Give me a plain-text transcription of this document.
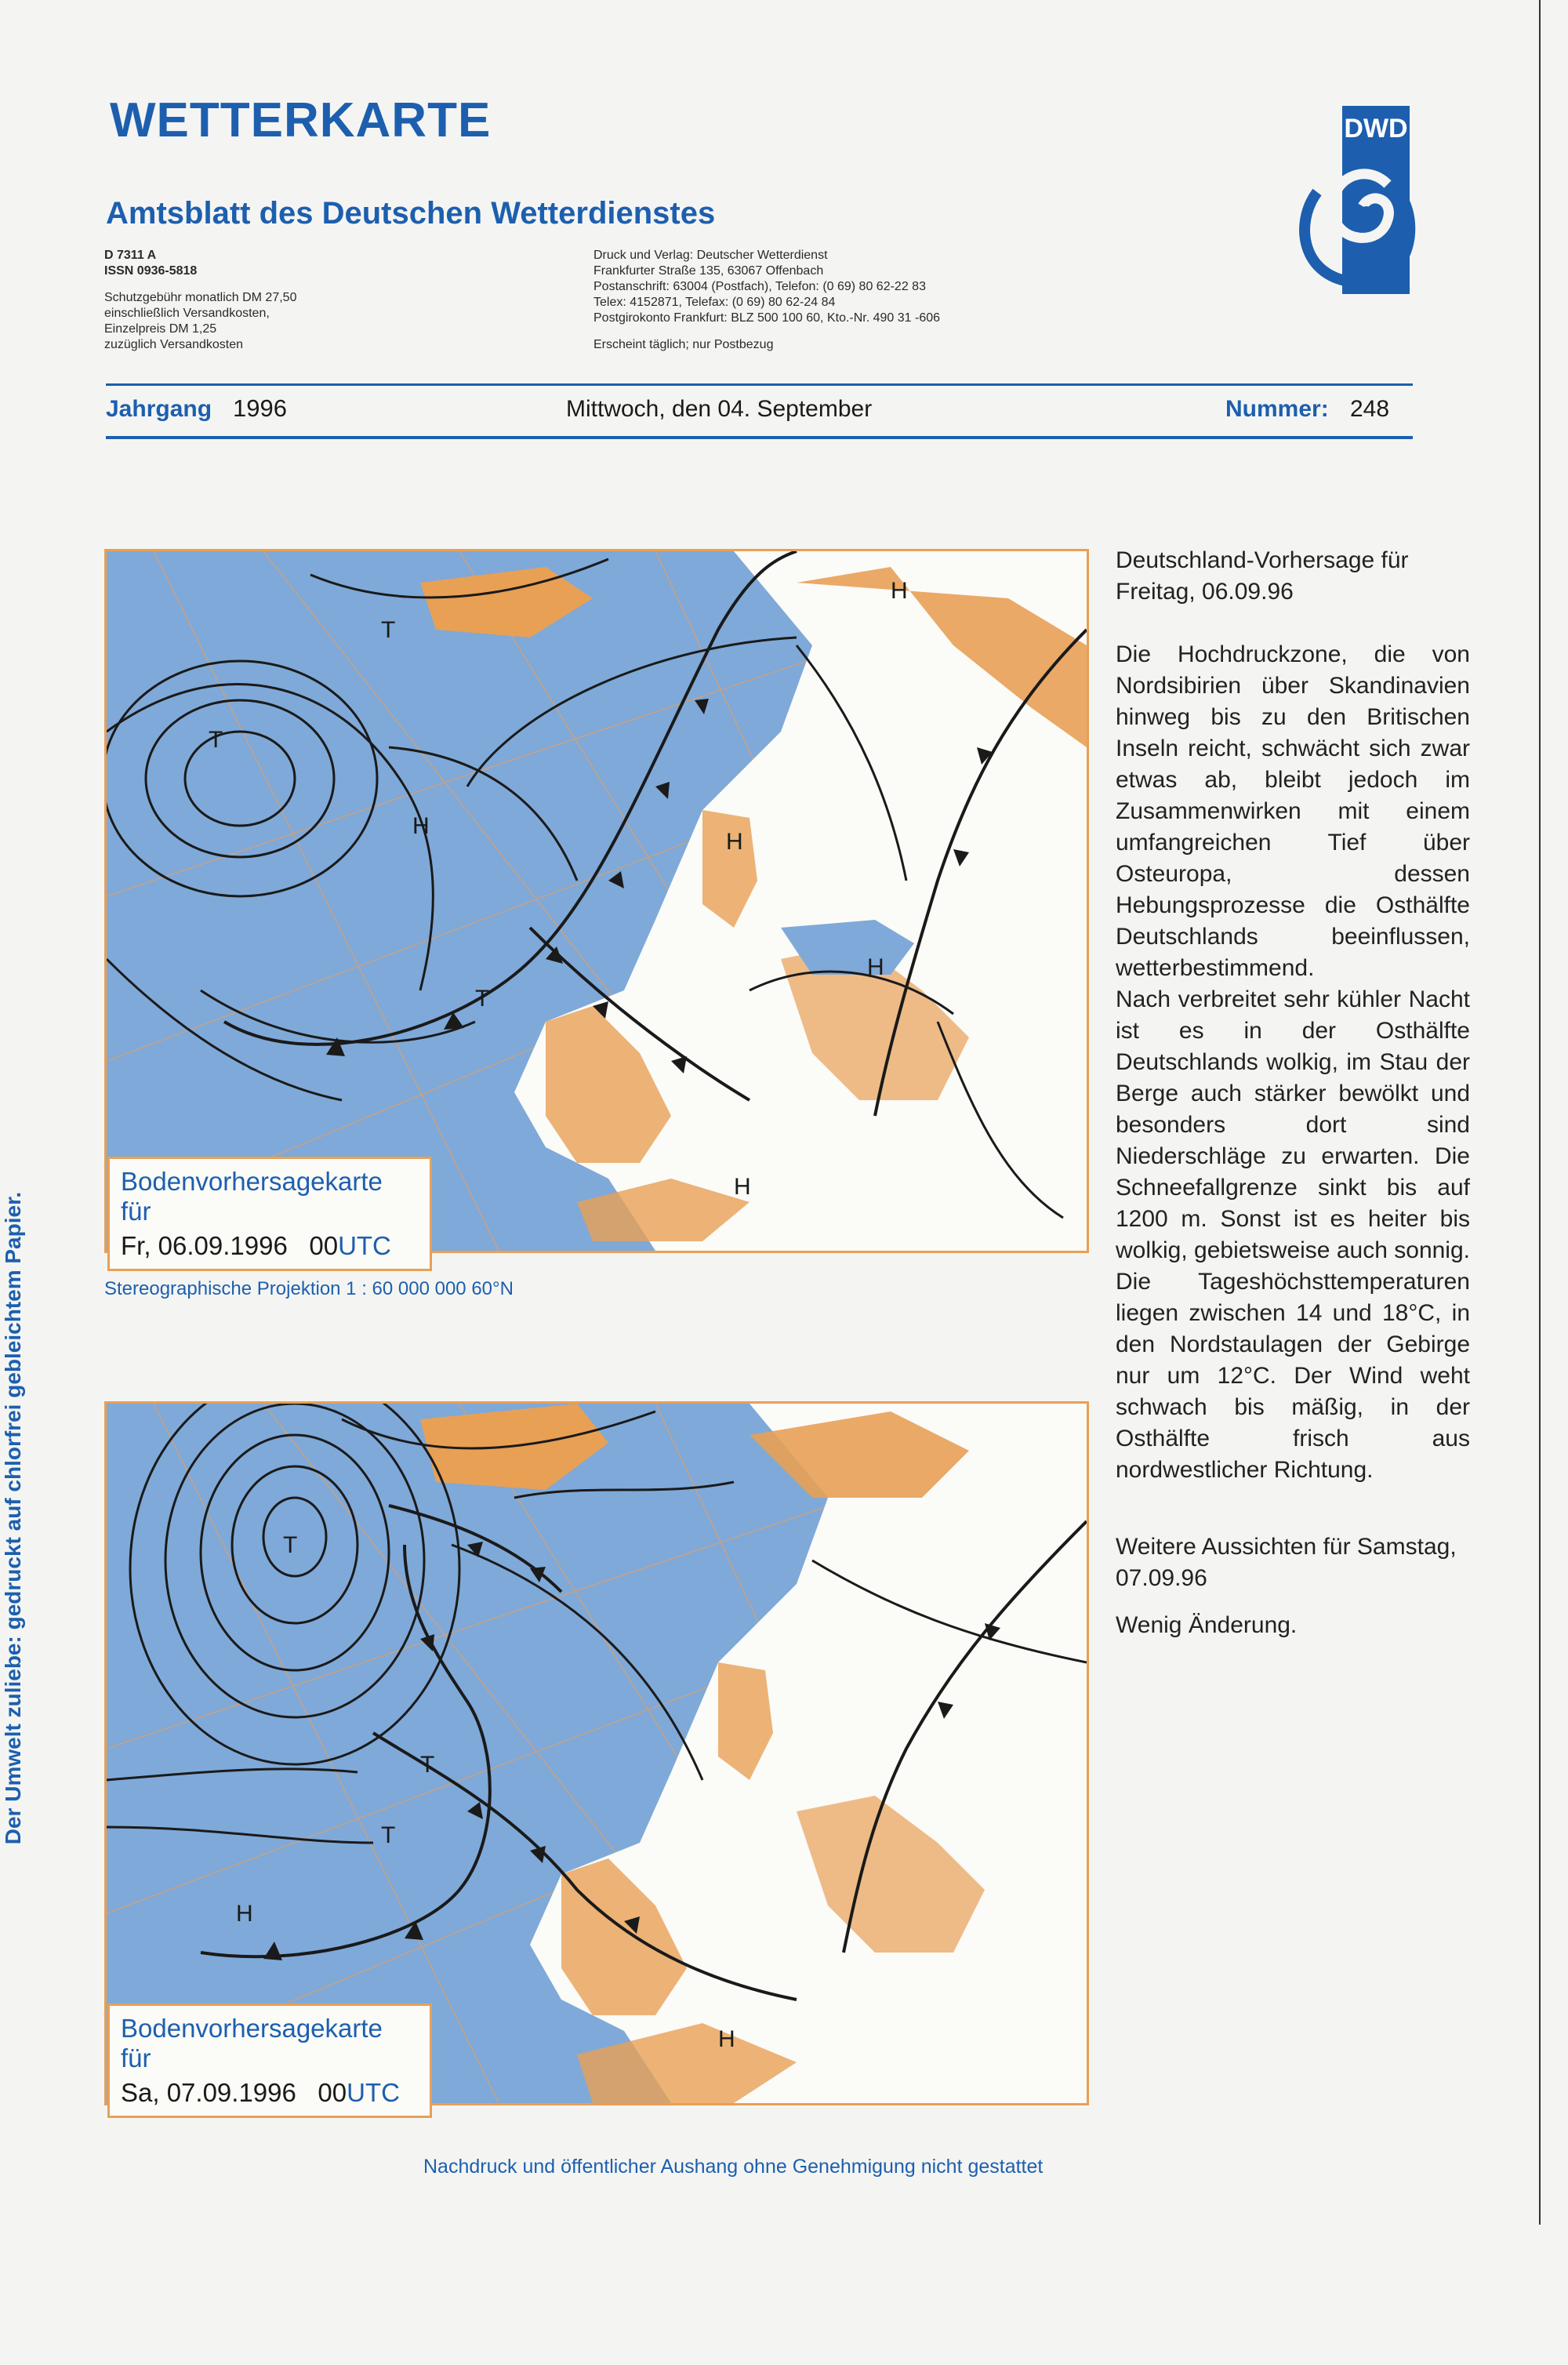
WETTERKARTE
Amtsblatt des Deutschen Wetterdienstes
DWD
D 7311 A
ISSN 0936-5818
Schutzgebühr monatlich DM 27,50
einschließlich Versandkosten,
Einzelpreis DM 1,25
zuzüglich Versandkosten
Druck und Verlag: Deutscher Wetterdienst
Frankfurter Straße 135, 63067 Offenbach
Postanschrift: 63004 (Postfach), Telefon: (0 69) 80 62-22 83
Telex: 4152871, Telefax: (0 69) 80 62-24 84
Postgirokonto Frankfurt: BLZ 500 100 60, Kto.-Nr. 490 31 -606
Erscheint täglich; nur Postbezug
Jahrgang 1996	Mittwoch, den 04. September	Nummer: 248
T
H
H
H
T
H
T
H
Bodenvorhersagekarte für
Fr, 06.09.1996 00UTC
Stereographische Projektion 1 : 60 000 000 60°N
T
H
T
T
H
Bodenvorhersagekarte für
Sa, 07.09.1996 00UTC

Deutschland-Vorhersage für Freitag, 06.09.96

Die Hochdruckzone, die von Nordsibirien über Skandinavien hinweg bis zu den Britischen Inseln reicht, schwächt sich zwar etwas ab, bleibt jedoch im Zusammenwirken mit einem umfangreichen Tief über Osteuropa, dessen Hebungsprozesse die Osthälfte Deutschlands beeinflussen, wetterbestimmend.

Nach verbreitet sehr kühler Nacht ist es in der Osthälfte Deutschlands wolkig, im Stau der Berge auch stärker bewölkt und besonders dort sind Niederschläge zu erwarten. Die Schneefallgrenze sinkt bis auf 1200 m. Sonst ist es heiter bis wolkig, gebietsweise auch sonnig. Die Tageshöchsttemperaturen liegen zwischen 14 und 18°C, in den Nordstaulagen der Gebirge nur um 12°C. Der Wind weht schwach bis mäßig, in der Osthälfte frisch aus nordwestlicher Richtung.

Weitere Aussichten für Samstag, 07.09.96

Wenig Änderung.

Der Umwelt zuliebe: gedruckt auf chlorfrei gebleichtem Papier.
Nachdruck und öffentlicher Aushang ohne Genehmigung nicht gestattet
